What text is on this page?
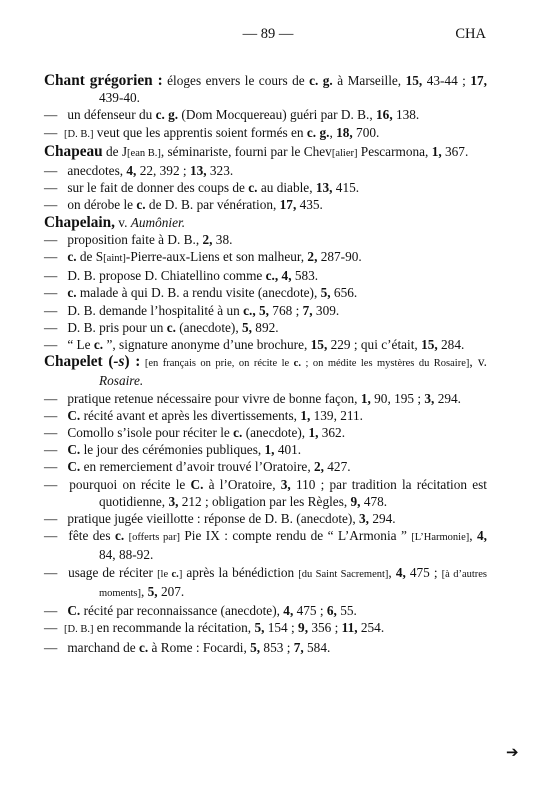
— 89 —	CHA
Chant grégorien : éloges envers le cours de c. g. à Marseille, 15, 43-44 ; 17, 439-40.
— un défenseur du c. g. (Dom Mocquereau) guéri par D. B., 16, 138.
— [D. B.] veut que les apprentis soient formés en c. g., 18, 700.
Chapeau de J[ean B.], séminariste, fourni par le Chev[alier] Pescarmona, 1, 367.
— anecdotes, 4, 22, 392 ; 13, 323.
— sur le fait de donner des coups de c. au diable, 13, 415.
— on dérobe le c. de D. B. par vénération, 17, 435.
Chapelain, v. Aumônier.
— proposition faite à D. B., 2, 38.
— c. de S[aint]-Pierre-aux-Liens et son malheur, 2, 287-90.
— D. B. propose D. Chiatellino comme c., 4, 583.
— c. malade à qui D. B. a rendu visite (anecdote), 5, 656.
— D. B. demande l’hospitalité à un c., 5, 768 ; 7, 309.
— D. B. pris pour un c. (anecdote), 5, 892.
— “ Le c. ”, signature anonyme d’une brochure, 15, 229 ; qui c’était, 15, 284.
Chapelet (-s) : [en français on prie, on récite le c. ; on médite les mystères du Rosaire], v. Rosaire.
— pratique retenue nécessaire pour vivre de bonne façon, 1, 90, 195 ; 3, 294.
— C. récité avant et après les divertissements, 1, 139, 211.
— Comollo s’isole pour réciter le c. (anecdote), 1, 362.
— C. le jour des cérémonies publiques, 1, 401.
— C. en remerciement d’avoir trouvé l’Oratoire, 2, 427.
— pourquoi on récite le C. à l’Oratoire, 3, 110 ; par tradition la récitation est quotidienne, 3, 212 ; obligation par les Règles, 9, 478.
— pratique jugée vieillotte : réponse de D. B. (anecdote), 3, 294.
— fête des c. [offerts par] Pie IX : compte rendu de “ L’Armonia ” [L’Harmonie], 4, 84, 88-92.
— usage de réciter [le c.] après la bénédiction [du Saint Sacrement], 4, 475 ; [à d’autres moments], 5, 207.
— C. récité par reconnaissance (anecdote), 4, 475 ; 6, 55.
— [D. B.] en recommande la récitation, 5, 154 ; 9, 356 ; 11, 254.
— marchand de c. à Rome : Focardi, 5, 853 ; 7, 584.
➔
